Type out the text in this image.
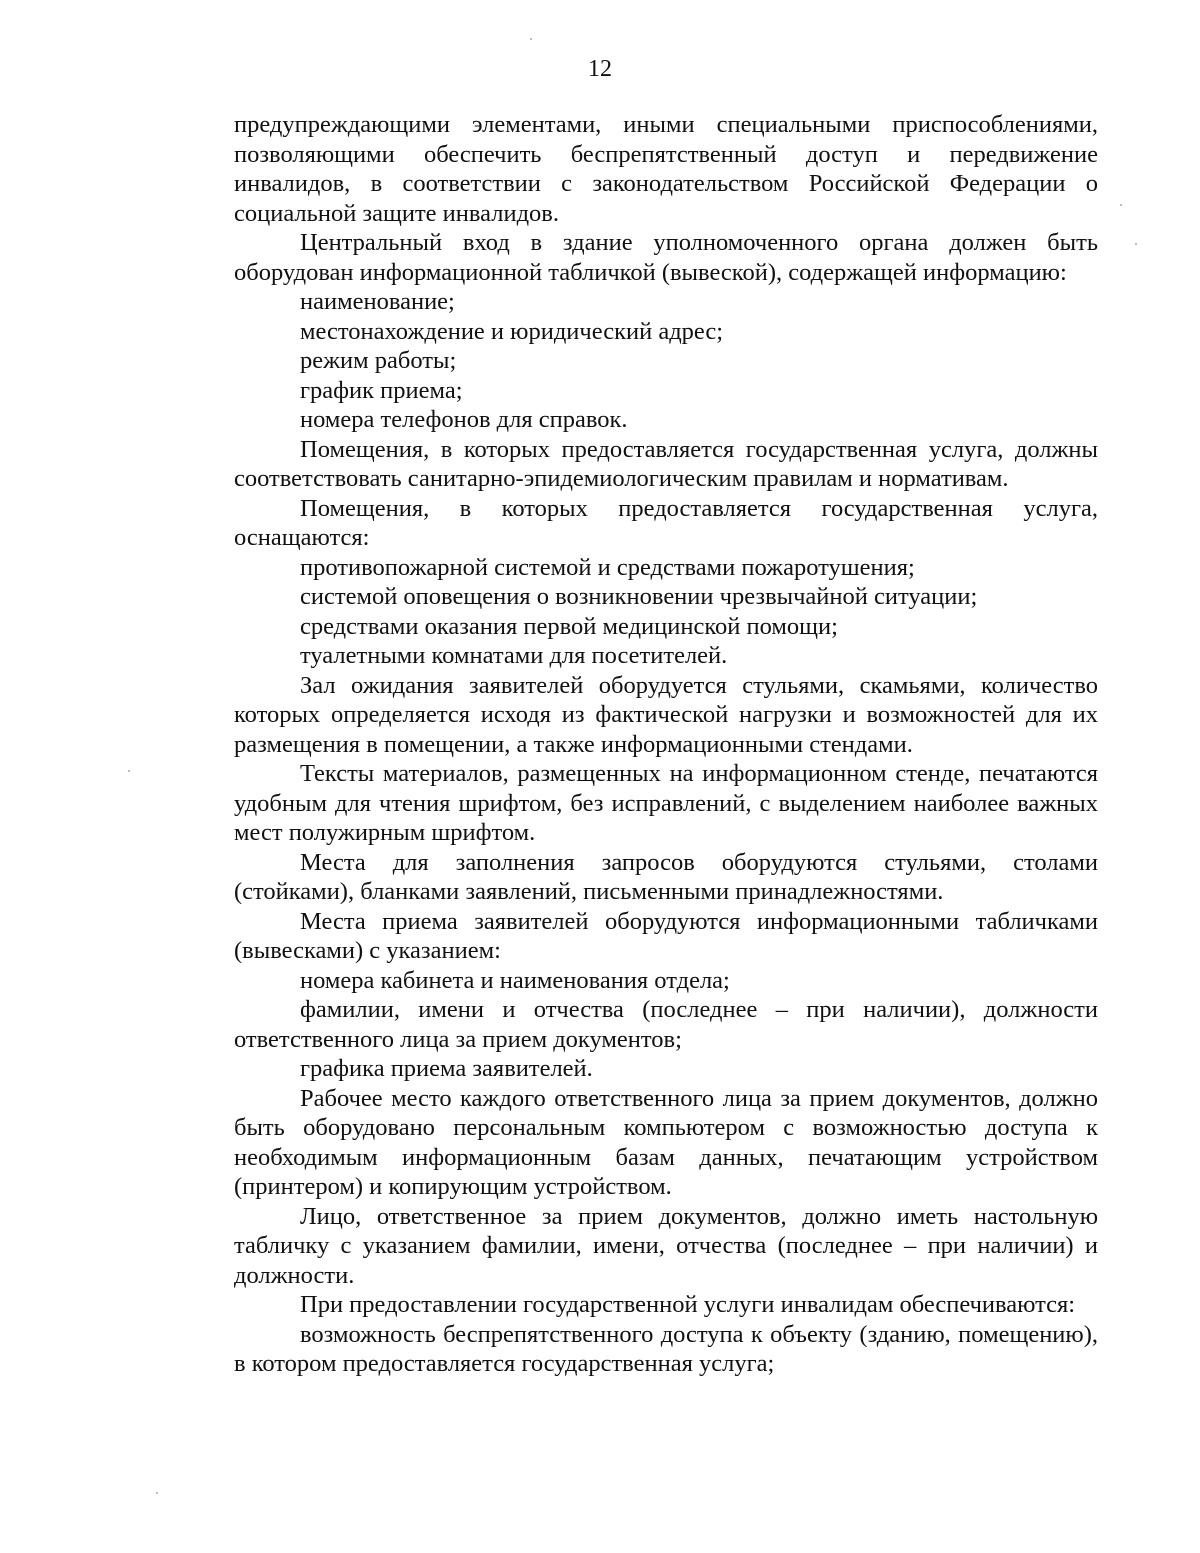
12

предупреждающими элементами, иными специальными приспособлениями, позволяющими обеспечить беспрепятственный доступ и передвижение инвалидов, в соответствии с законодательством Российской Федерации о социальной защите инвалидов.

Центральный вход в здание уполномоченного органа должен быть оборудован информационной табличкой (вывеской), содержащей информацию:

наименование;

местонахождение и юридический адрес;

режим работы;

график приема;

номера телефонов для справок.

Помещения, в которых предоставляется государственная услуга, должны соответствовать санитарно-эпидемиологическим правилам и нормативам.

Помещения, в которых предоставляется государственная услуга, оснащаются:

противопожарной системой и средствами пожаротушения;

системой оповещения о возникновении чрезвычайной ситуации;

средствами оказания первой медицинской помощи;

туалетными комнатами для посетителей.

Зал ожидания заявителей оборудуется стульями, скамьями, количество которых определяется исходя из фактической нагрузки и возможностей для их размещения в помещении, а также информационными стендами.

Тексты материалов, размещенных на информационном стенде, печатаются удобным для чтения шрифтом, без исправлений, с выделением наиболее важных мест полужирным шрифтом.

Места для заполнения запросов оборудуются стульями, столами (стойками), бланками заявлений, письменными принадлежностями.

Места приема заявителей оборудуются информационными табличками (вывесками) с указанием:

номера кабинета и наименования отдела;

фамилии, имени и отчества (последнее – при наличии), должности ответственного лица за прием документов;

графика приема заявителей.

Рабочее место каждого ответственного лица за прием документов, должно быть оборудовано персональным компьютером с возможностью доступа к необходимым информационным базам данных, печатающим устройством (принтером) и копирующим устройством.

Лицо, ответственное за прием документов, должно иметь настольную табличку с указанием фамилии, имени, отчества (последнее – при наличии) и должности.

При предоставлении государственной услуги инвалидам обеспечиваются:

возможность беспрепятственного доступа к объекту (зданию, помещению), в котором предоставляется государственная услуга;
